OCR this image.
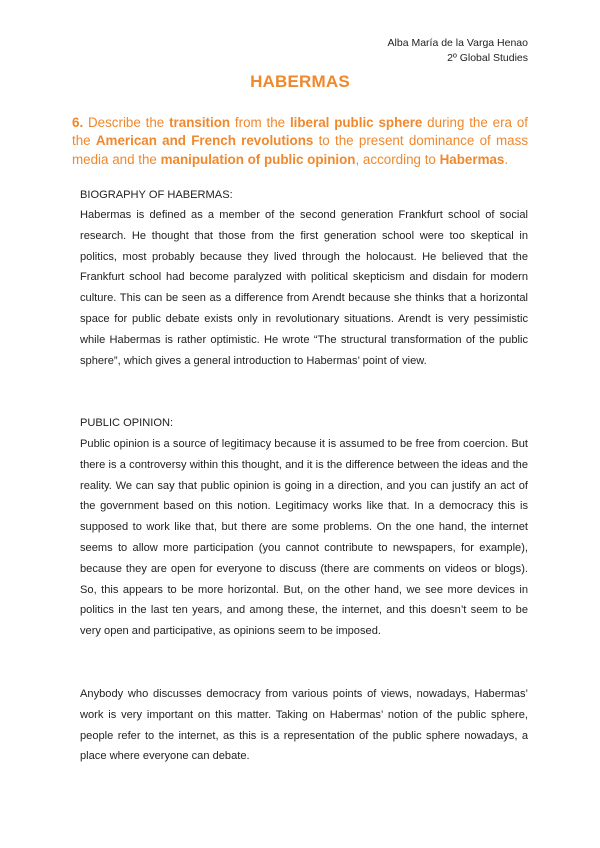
Alba María de la Varga Henao
2º Global Studies
HABERMAS
6. Describe the transition from the liberal public sphere during the era of the American and French revolutions to the present dominance of mass media and the manipulation of public opinion, according to Habermas.
BIOGRAPHY OF HABERMAS:

Habermas is defined as a member of the second generation Frankfurt school of social research. He thought that those from the first generation school were too skeptical in politics, most probably because they lived through the holocaust. He believed that the Frankfurt school had become paralyzed with political skepticism and disdain for modern culture. This can be seen as a difference from Arendt because she thinks that a horizontal space for public debate exists only in revolutionary situations. Arendt is very pessimistic while Habermas is rather optimistic. He wrote “The structural transformation of the public sphere”, which gives a general introduction to Habermas’ point of view.

PUBLIC OPINION:

Public opinion is a source of legitimacy because it is assumed to be free from coercion. But there is a controversy within this thought, and it is the difference between the ideas and the reality. We can say that public opinion is going in a direction, and you can justify an act of the government based on this notion. Legitimacy works like that. In a democracy this is supposed to work like that, but there are some problems. On the one hand, the internet seems to allow more participation (you cannot contribute to newspapers, for example), because they are open for everyone to discuss (there are comments on videos or blogs). So, this appears to be more horizontal. But, on the other hand, we see more devices in politics in the last ten years, and among these, the internet, and this doesn’t seem to be very open and participative, as opinions seem to be imposed.

Anybody who discusses democracy from various points of views, nowadays, Habermas’ work is very important on this matter. Taking on Habermas’ notion of the public sphere, people refer to the internet, as this is a representation of the public sphere nowadays, a place where everyone can debate.
